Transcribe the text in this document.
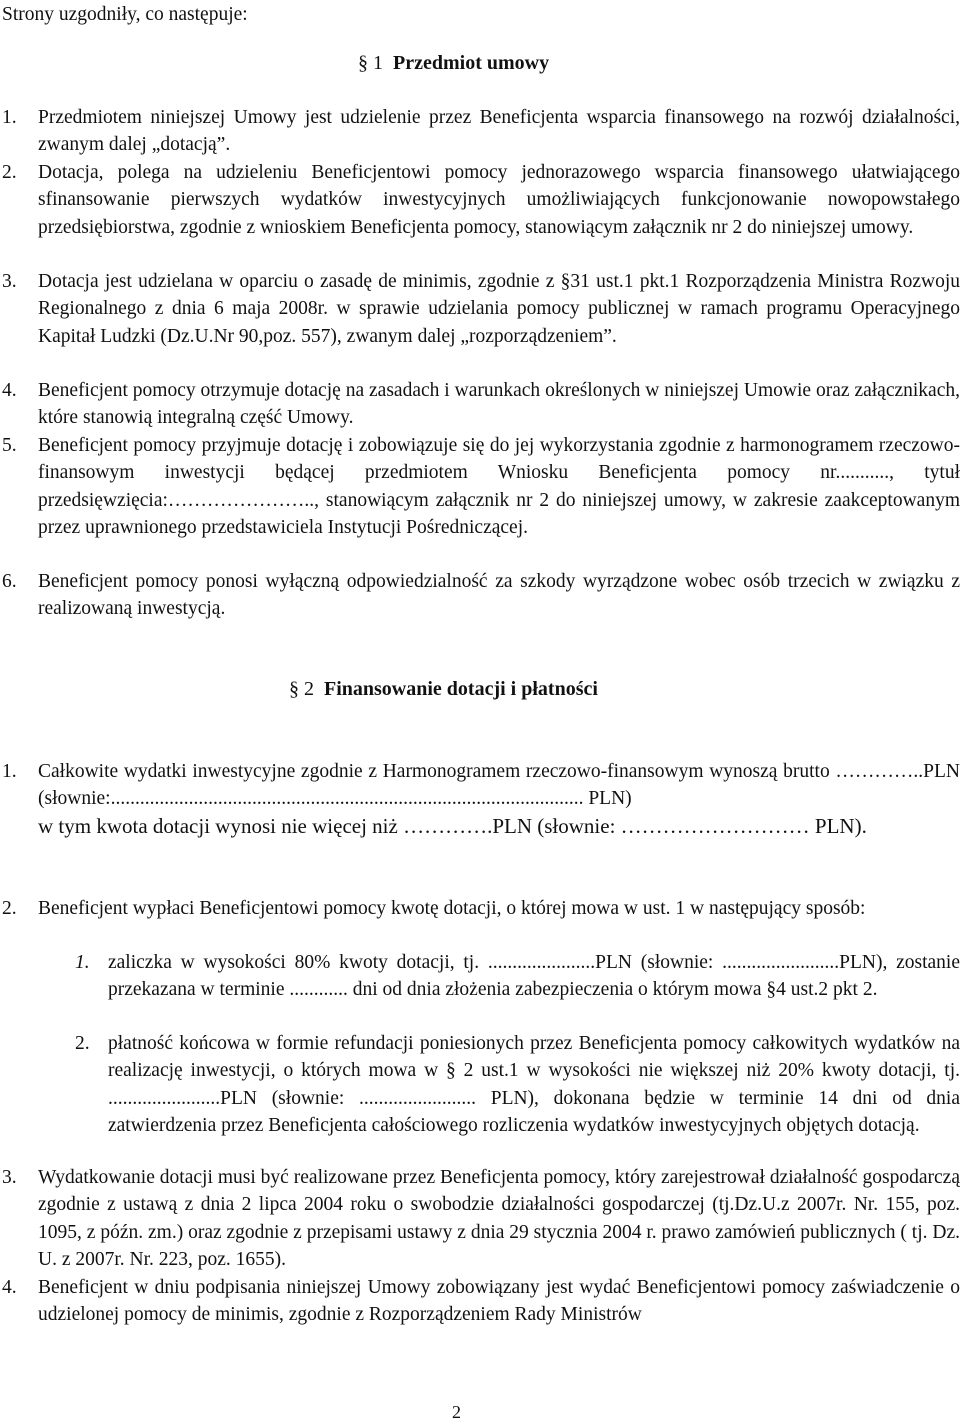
Strony uzgodniły, co następuje:
§ 1 Przedmiot umowy
1.	Przedmiotem niniejszej Umowy jest udzielenie przez Beneficjenta wsparcia finansowego na rozwój działalności, zwanym dalej „dotacją”.
2.	Dotacja, polega na udzieleniu Beneficjentowi pomocy jednorazowego wsparcia finansowego ułatwiającego sfinansowanie pierwszych wydatków inwestycyjnych umożliwiających funkcjonowanie nowopowstałego przedsiębiorstwa, zgodnie z wnioskiem Beneficjenta pomocy, stanowiącym załącznik nr 2 do niniejszej umowy.
3.	Dotacja jest udzielana w oparciu o zasadę de minimis, zgodnie z §31 ust.1 pkt.1 Rozporządzenia Ministra Rozwoju Regionalnego z dnia 6 maja 2008r. w sprawie udzielania pomocy publicznej w ramach programu Operacyjnego Kapitał Ludzki (Dz.U.Nr 90,poz. 557), zwanym dalej „rozporządzeniem”.
4.	Beneficjent pomocy otrzymuje dotację na zasadach i warunkach określonych w niniejszej Umowie oraz załącznikach, które stanowią integralną część Umowy.
5.	Beneficjent pomocy przyjmuje dotację i zobowiązuje się do jej wykorzystania zgodnie z harmonogramem rzeczowo-finansowym inwestycji będącej przedmiotem Wniosku Beneficjenta pomocy nr..........., tytuł przedsięwzięcia:………………….., stanowiącym załącznik nr 2 do niniejszej umowy, w zakresie zaakceptowanym przez uprawnionego przedstawiciela Instytucji Pośredniczącej.
6.	Beneficjent pomocy ponosi wyłączną odpowiedzialność za szkody wyrządzone wobec osób trzecich w związku z realizowaną inwestycją.
§ 2 Finansowanie dotacji i płatności
1.	Całkowite wydatki inwestycyjne zgodnie z Harmonogramem rzeczowo-finansowym wynoszą brutto …………..PLN (słownie:................................................................................................. PLN)
w tym kwota dotacji wynosi nie więcej niż ………….PLN (słownie: ……………………… PLN).
2.	Beneficjent wypłaci Beneficjentowi pomocy kwotę dotacji, o której mowa w ust. 1 w następujący sposób:
1. zaliczka w wysokości 80% kwoty dotacji, tj. ......................PLN (słownie: ........................PLN), zostanie przekazana w terminie ............ dni od dnia złożenia zabezpieczenia o którym mowa §4 ust.2 pkt 2.
2. płatność końcowa w formie refundacji poniesionych przez Beneficjenta pomocy całkowitych wydatków na realizację inwestycji, o których mowa w § 2 ust.1 w wysokości nie większej niż 20% kwoty dotacji, tj. .......................PLN (słownie: ........................ PLN), dokonana będzie w terminie 14 dni od dnia zatwierdzenia przez Beneficjenta całościowego rozliczenia wydatków inwestycyjnych objętych dotacją.
3.	Wydatkowanie dotacji musi być realizowane przez Beneficjenta pomocy, który zarejestrował działalność gospodarczą zgodnie z ustawą z dnia 2 lipca 2004 roku o swobodzie działalności gospodarczej (tj.Dz.U.z 2007r. Nr. 155, poz. 1095, z późn. zm.) oraz zgodnie z przepisami ustawy z dnia 29 stycznia 2004 r. prawo zamówień publicznych ( tj. Dz. U. z 2007r. Nr. 223, poz. 1655).
4.	Beneficjent w dniu podpisania niniejszej Umowy zobowiązany jest wydać Beneficjentowi pomocy zaświadczenie o udzielonej pomocy de minimis, zgodnie z Rozporządzeniem Rady Ministrów
2
